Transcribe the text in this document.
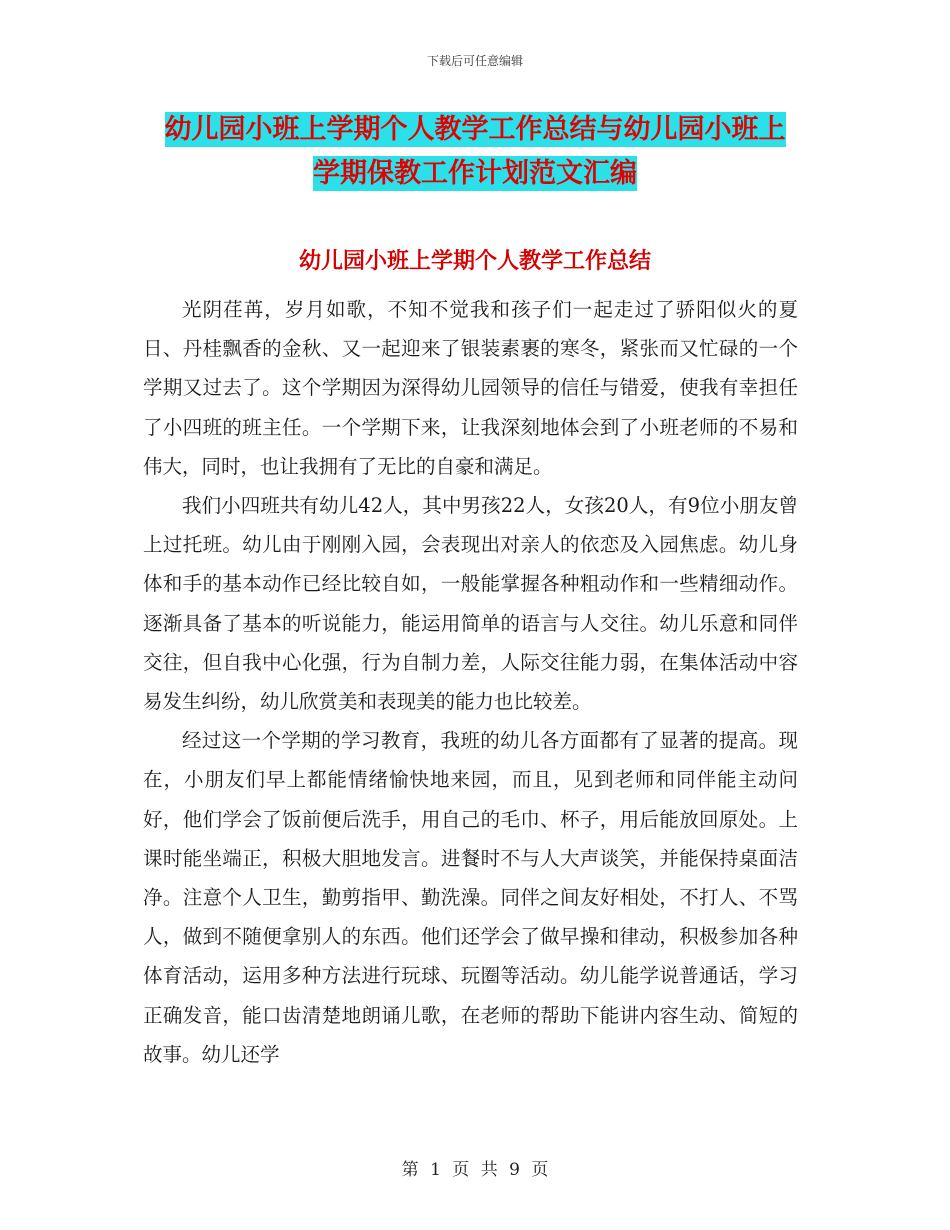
下载后可任意编辑
幼儿园小班上学期个人教学工作总结与幼儿园小班上
学期保教工作计划范文汇编
幼儿园小班上学期个人教学工作总结

光阴荏苒，岁月如歌，不知不觉我和孩子们一起走过了骄阳似火的夏日、丹桂飘香的金秋、又一起迎来了银装素裹的寒冬，紧张而又忙碌的一个学期又过去了。这个学期因为深得幼儿园领导的信任与错爱，使我有幸担任了小四班的班主任。一个学期下来，让我深刻地体会到了小班老师的不易和伟大，同时，也让我拥有了无比的自豪和满足。

我们小四班共有幼儿42人，其中男孩22人，女孩20人，有9位小朋友曾上过托班。幼儿由于刚刚入园，会表现出对亲人的依恋及入园焦虑。幼儿身体和手的基本动作已经比较自如，一般能掌握各种粗动作和一些精细动作。逐渐具备了基本的听说能力，能运用简单的语言与人交往。幼儿乐意和同伴交往，但自我中心化强，行为自制力差，人际交往能力弱，在集体活动中容易发生纠纷，幼儿欣赏美和表现美的能力也比较差。

经过这一个学期的学习教育，我班的幼儿各方面都有了显著的提高。现在，小朋友们早上都能情绪愉快地来园，而且，见到老师和同伴能主动问好，他们学会了饭前便后洗手，用自己的毛巾、杯子，用后能放回原处。上课时能坐端正，积极大胆地发言。进餐时不与人大声谈笑，并能保持桌面洁净。注意个人卫生，勤剪指甲、勤洗澡。同伴之间友好相处，不打人、不骂人，做到不随便拿别人的东西。他们还学会了做早操和律动，积极参加各种体育活动，运用多种方法进行玩球、玩圈等活动。幼儿能学说普通话，学习正确发音，能口齿清楚地朗诵儿歌，在老师的帮助下能讲内容生动、简短的故事。幼儿还学

第 1 页 共 9 页
